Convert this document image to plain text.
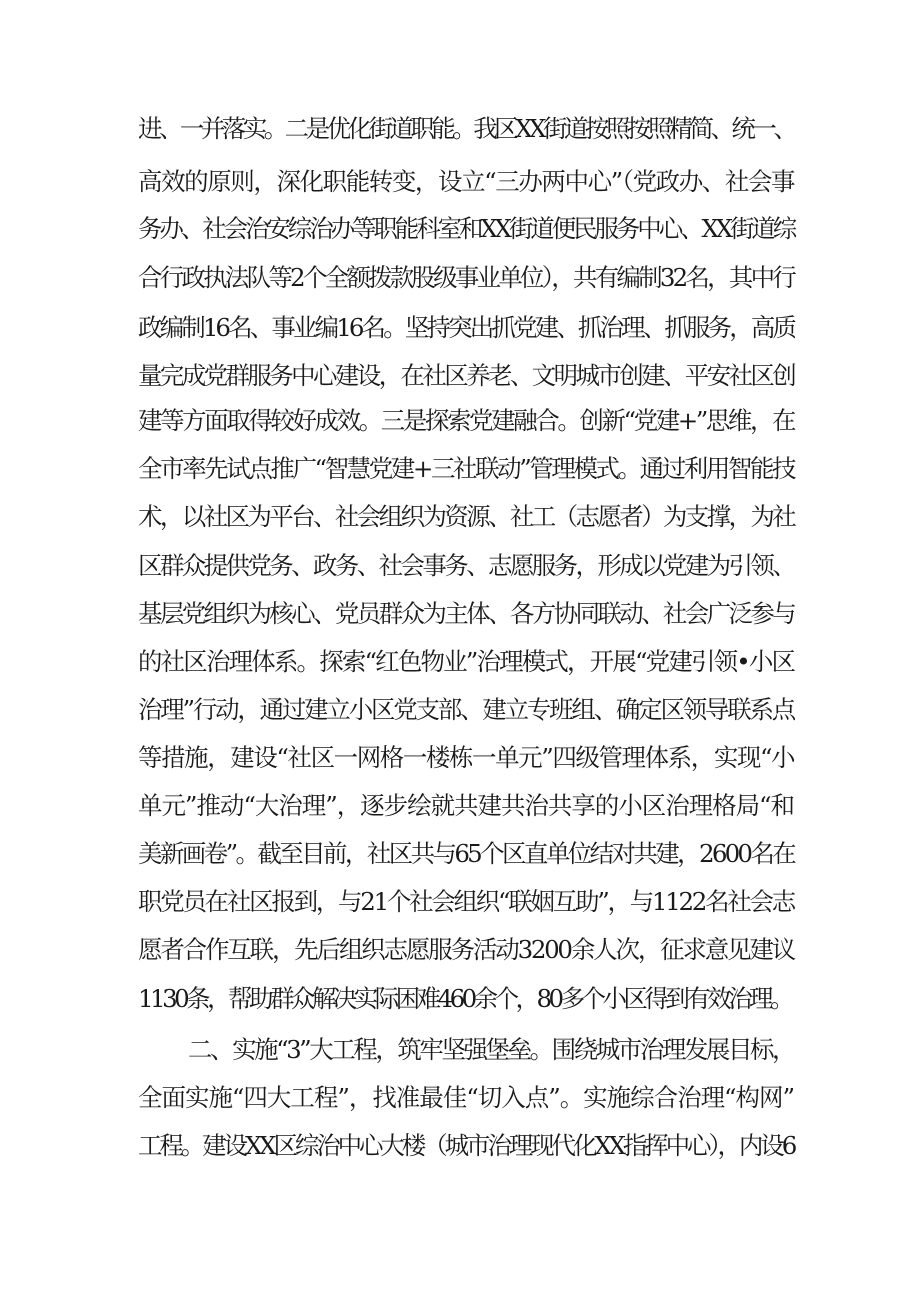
进、一并落实。二是优化街道职能。我区XX街道按照按照精简、统一、
高效的原则，深化职能转变，设立“三办两中心”（党政办、社会事
务办、社会治安综治办等职能科室和XX街道便民服务中心、XX街道综
合行政执法队等2个全额拨款股级事业单位），共有编制32名，其中行
政编制16名、事业编16名。坚持突出抓党建、抓治理、抓服务，高质
量完成党群服务中心建设，在社区养老、文明城市创建、平安社区创
建等方面取得较好成效。三是探索党建融合。创新“党建+”思维，在
全市率先试点推广“智慧党建+三社联动”管理模式。通过利用智能技
术，以社区为平台、社会组织为资源、社工（志愿者）为支撑，为社
区群众提供党务、政务、社会事务、志愿服务，形成以党建为引领、
基层党组织为核心、党员群众为主体、各方协同联动、社会广泛参与
的社区治理体系。探索“红色物业”治理模式，开展“党建引领•小区
治理”行动，通过建立小区党支部、建立专班组、确定区领导联系点
等措施，建设“社区一网格一楼栋一单元”四级管理体系，实现“小
单元”推动“大治理”，逐步绘就共建共治共享的小区治理格局“和
美新画卷”。截至目前，社区共与65个区直单位结对共建，2600名在
职党员在社区报到，与21个社会组织“联姻互助”，与1122名社会志
愿者合作互联，先后组织志愿服务活动3200余人次，征求意见建议
1130条，帮助群众解决实际困难460余个，80多个小区得到有效治理。
二、实施“3”大工程，筑牢坚强堡垒。围绕城市治理发展目标，
全面实施“四大工程”，找准最佳“切入点”。实施综合治理“构网”
工程。建设XX区综治中心大楼（城市治理现代化XX指挥中心），内设6
